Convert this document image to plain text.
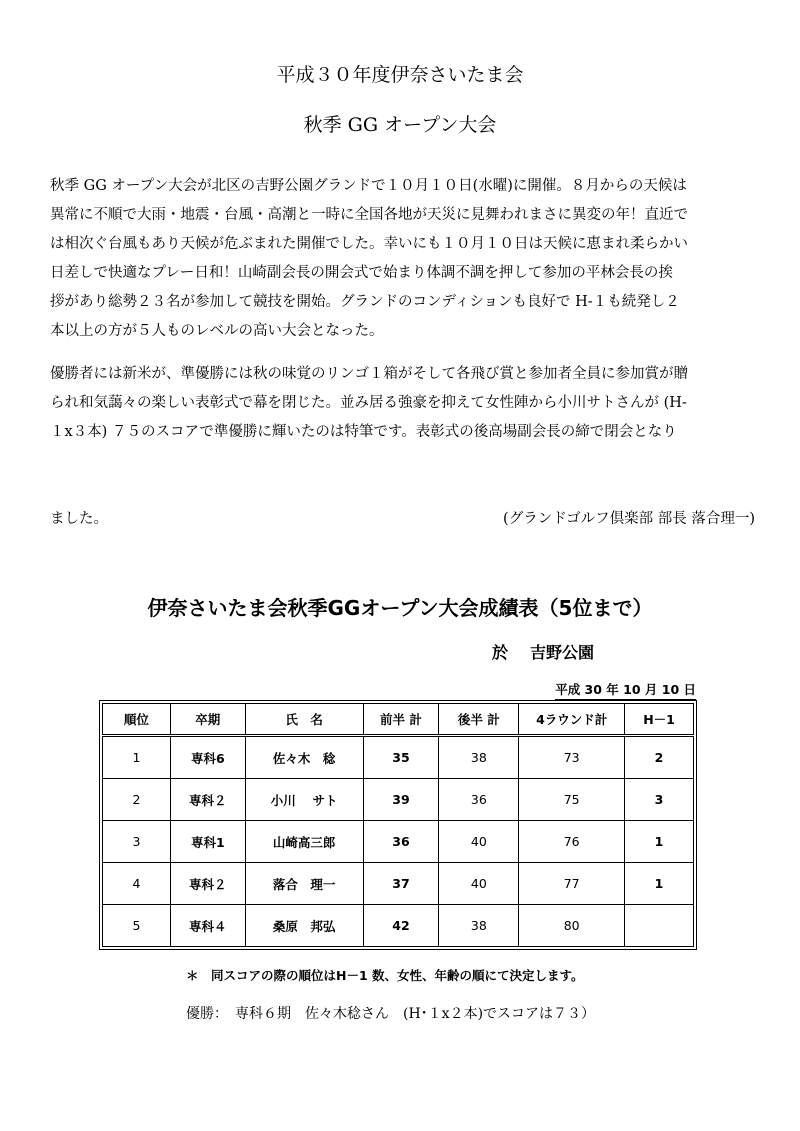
平成３０年度伊奈さいたま会
秋季 GG オープン大会
秋季 GG オープン大会が北区の吉野公園グランドで１０月１０日(水曜)に開催。８月からの天候は
異常に不順で大雨・地震・台風・高潮と一時に全国各地が天災に見舞われまさに異変の年！直近で
は相次ぐ台風もあり天候が危ぶまれた開催でした。幸いにも１０月１０日は天候に恵まれ柔らかい
日差しで快適なプレー日和！山崎副会長の開会式で始まり体調不調を押して参加の平林会長の挨
拶があり総勢２３名が参加して競技を開始。グランドのコンディションも良好で H-１も続発し２
本以上の方が５人ものレベルの高い大会となった。
優勝者には新米が、準優勝には秋の味覚のリンゴ１箱がそして各飛び賞と参加者全員に参加賞が贈
られ和気藹々の楽しい表彰式で幕を閉じた。並み居る強豪を抑えて女性陣から小川サトさんが (H-
１x３本) ７５のスコアで準優勝に輝いたのは特筆です。表彰式の後高場副会長の締で閉会となり
ました。	(グランドゴルフ倶楽部 部長 落合理一)
伊奈さいたま会秋季GGオープン大会成績表（5位まで）
於 吉野公園
平成 30 年 10 月 10 日
順位	卒期	氏　名	前半 計	後半 計	4ラウンド計	H－1
1	専科6	佐々木　稔	35	38	73	2
2	専科２	小川　 サト	39	36	75	3
3	専科1	山崎高三郎	36	40	76	1
4	専科２	落合　理一	37	40	77	1
5	専科４	桑原　邦弘	42	38	80	
＊　同スコアの際の順位はH－1 数、女性、年齢の順にて決定します。
優勝：　専科６期　佐々木稔さん　(H･１x２本)でスコアは７３）
